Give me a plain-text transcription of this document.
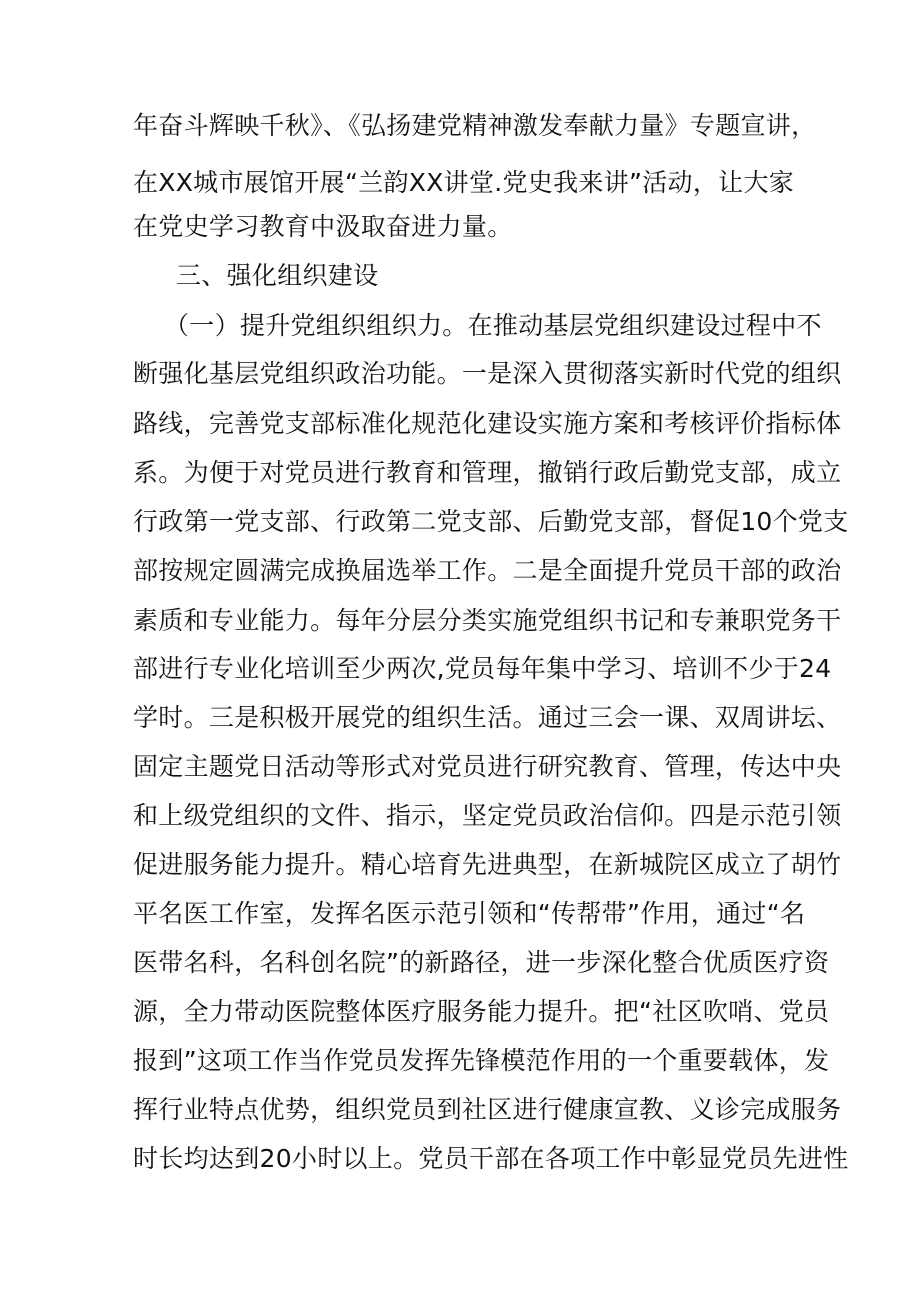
年奋斗辉映千秋》、《弘扬建党精神激发奉献力量》专题宣讲，
在XX城市展馆开展“兰韵XX讲堂.党史我来讲”活动，让大家
在党史学习教育中汲取奋进力量。
三、强化组织建设
（一）提升党组织组织力。在推动基层党组织建设过程中不
断强化基层党组织政治功能。一是深入贯彻落实新时代党的组织
路线，完善党支部标准化规范化建设实施方案和考核评价指标体
系。为便于对党员进行教育和管理，撤销行政后勤党支部，成立
行政第一党支部、行政第二党支部、后勤党支部，督促10个党支
部按规定圆满完成换届选举工作。二是全面提升党员干部的政治
素质和专业能力。每年分层分类实施党组织书记和专兼职党务干
部进行专业化培训至少两次,党员每年集中学习、培训不少于24
学时。三是积极开展党的组织生活。通过三会一课、双周讲坛、
固定主题党日活动等形式对党员进行研究教育、管理，传达中央
和上级党组织的文件、指示，坚定党员政治信仰。四是示范引领
促进服务能力提升。精心培育先进典型，在新城院区成立了胡竹
平名医工作室，发挥名医示范引领和“传帮带”作用，通过“名
医带名科，名科创名院”的新路径，进一步深化整合优质医疗资
源，全力带动医院整体医疗服务能力提升。把“社区吹哨、党员
报到”这项工作当作党员发挥先锋模范作用的一个重要载体，发
挥行业特点优势，组织党员到社区进行健康宣教、义诊完成服务
时长均达到20小时以上。党员干部在各项工作中彰显党员先进性
